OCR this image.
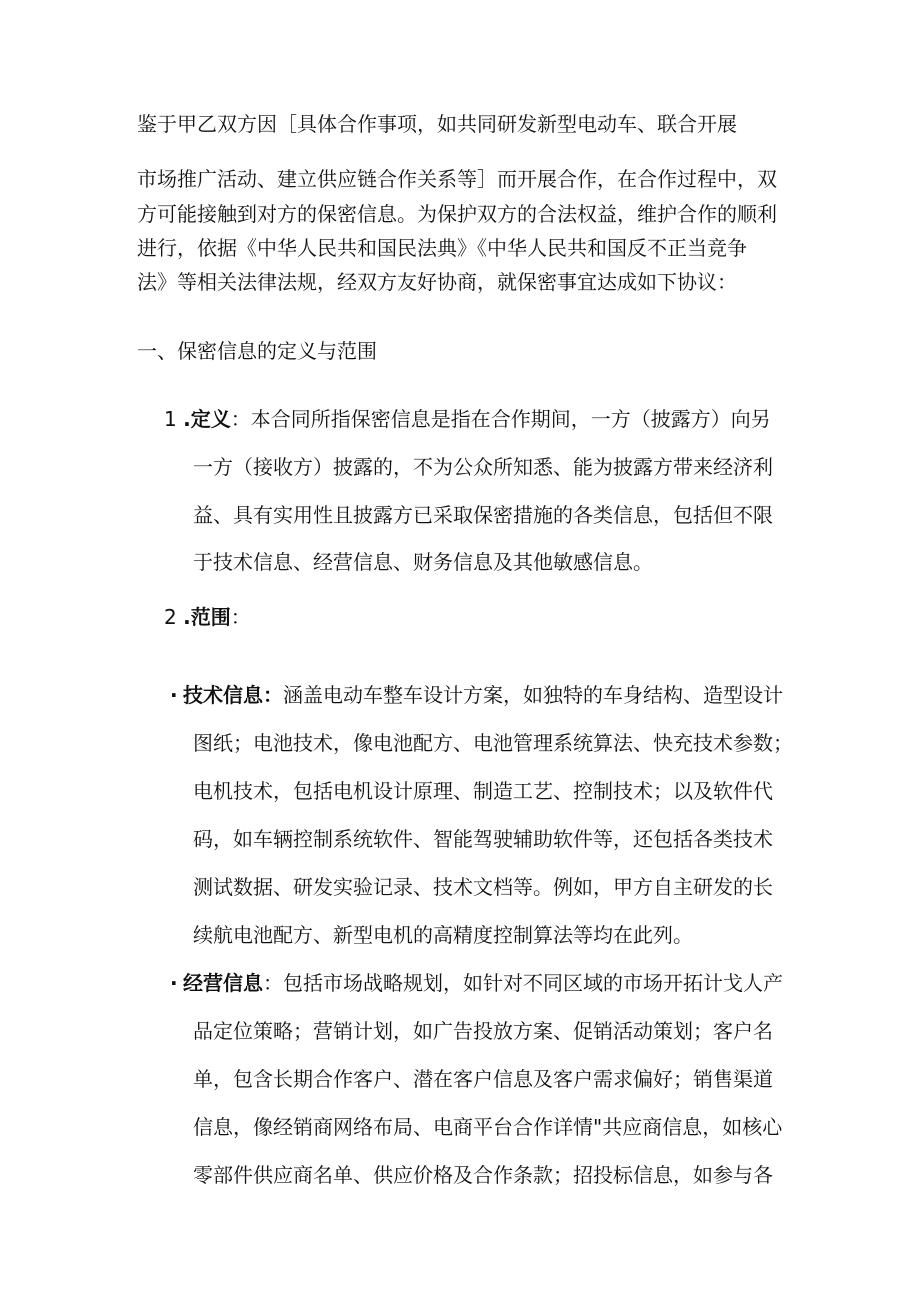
鉴于甲乙双方因［具体合作事项，如共同研发新型电动车、联合开展
市场推广活动、建立供应链合作关系等］而开展合作，在合作过程中，双
方可能接触到对方的保密信息。为保护双方的合法权益，维护合作的顺利
进行，依据《中华人民共和国民法典》《中华人民共和国反不正当竞争
法》等相关法律法规，经双方友好协商，就保密事宜达成如下协议：
一、保密信息的定义与范围
1 .定义：本合同所指保密信息是指在合作期间，一方（披露方）向另
一方（接收方）披露的，不为公众所知悉、能为披露方带来经济利
益、具有实用性且披露方已采取保密措施的各类信息，包括但不限
于技术信息、经营信息、财务信息及其他敏感信息。
2 .范围：
· 技术信息：涵盖电动车整车设计方案，如独特的车身结构、造型设计
图纸；电池技术，像电池配方、电池管理系统算法、快充技术参数；
电机技术，包括电机设计原理、制造工艺、控制技术；以及软件代
码，如车辆控制系统软件、智能驾驶辅助软件等，还包括各类技术
测试数据、研发实验记录、技术文档等。例如，甲方自主研发的长
续航电池配方、新型电机的高精度控制算法等均在此列。
· 经营信息：包括市场战略规划，如针对不同区域的市场开拓计戈人产
品定位策略；营销计划，如广告投放方案、促销活动策划；客户名
单，包含长期合作客户、潜在客户信息及客户需求偏好；销售渠道
信息，像经销商网络布局、电商平台合作详情"共应商信息，如核心
零部件供应商名单、供应价格及合作条款；招投标信息，如参与各
